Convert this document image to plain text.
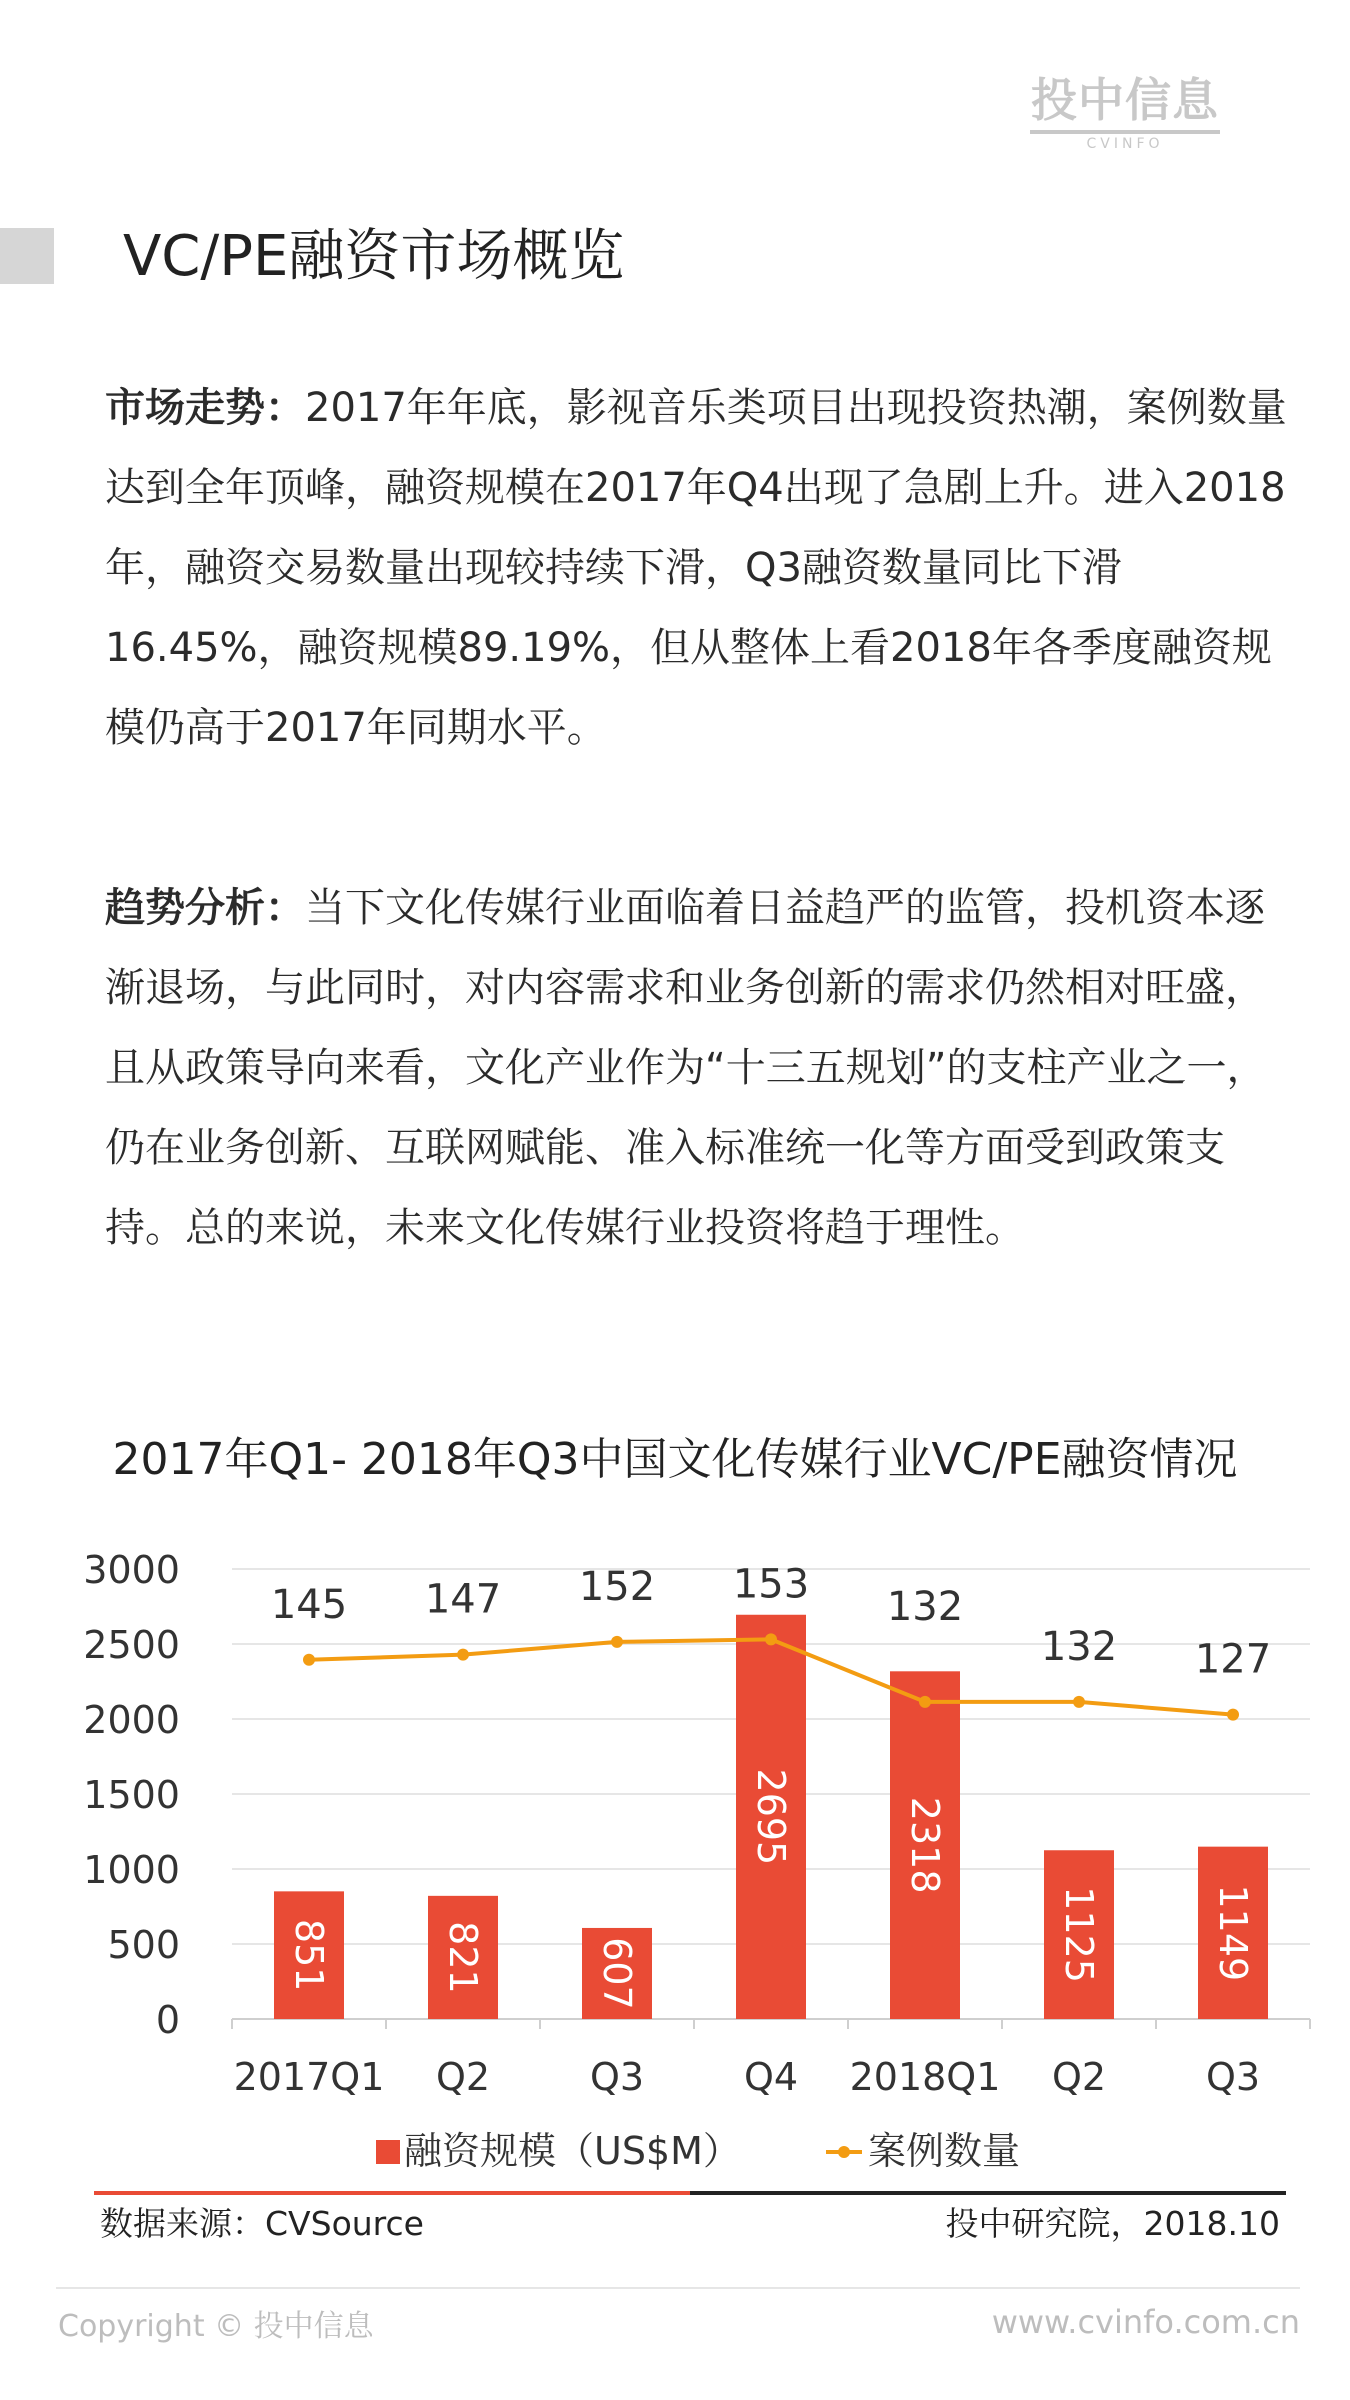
投中信息
CVINFO
VC/PE融资市场概览
市场走势：2017年年底，影视音乐类项目出现投资热潮，案例数量达到全年顶峰，融资规模在2017年Q4出现了急剧上升。进入2018年，融资交易数量出现较持续下滑，Q3融资数量同比下滑16.45%，融资规模89.19%，但从整体上看2018年各季度融资规模仍高于2017年同期水平。
趋势分析：当下文化传媒行业面临着日益趋严的监管，投机资本逐渐退场，与此同时，对内容需求和业务创新的需求仍然相对旺盛，且从政策导向来看，文化产业作为“十三五规划”的支柱产业之一，仍在业务创新、互联网赋能、准入标准统一化等方面受到政策支持。总的来说，未来文化传媒行业投资将趋于理性。
2017年Q1- 2018年Q3中国文化传媒行业VC/PE融资情况
0
500
1000
1500
2000
2500
3000
851	821	607
2695	2318
1125	1149
145 147 152 153 132
132 127
2017Q1 Q2	Q3	Q4 2018Q1 Q2	Q3
融资规模（US$M）	案例数量
数据来源：CVSource	投中研究院，2018.10
Copyright © 投中信息	www.cvinfo.com.cn
